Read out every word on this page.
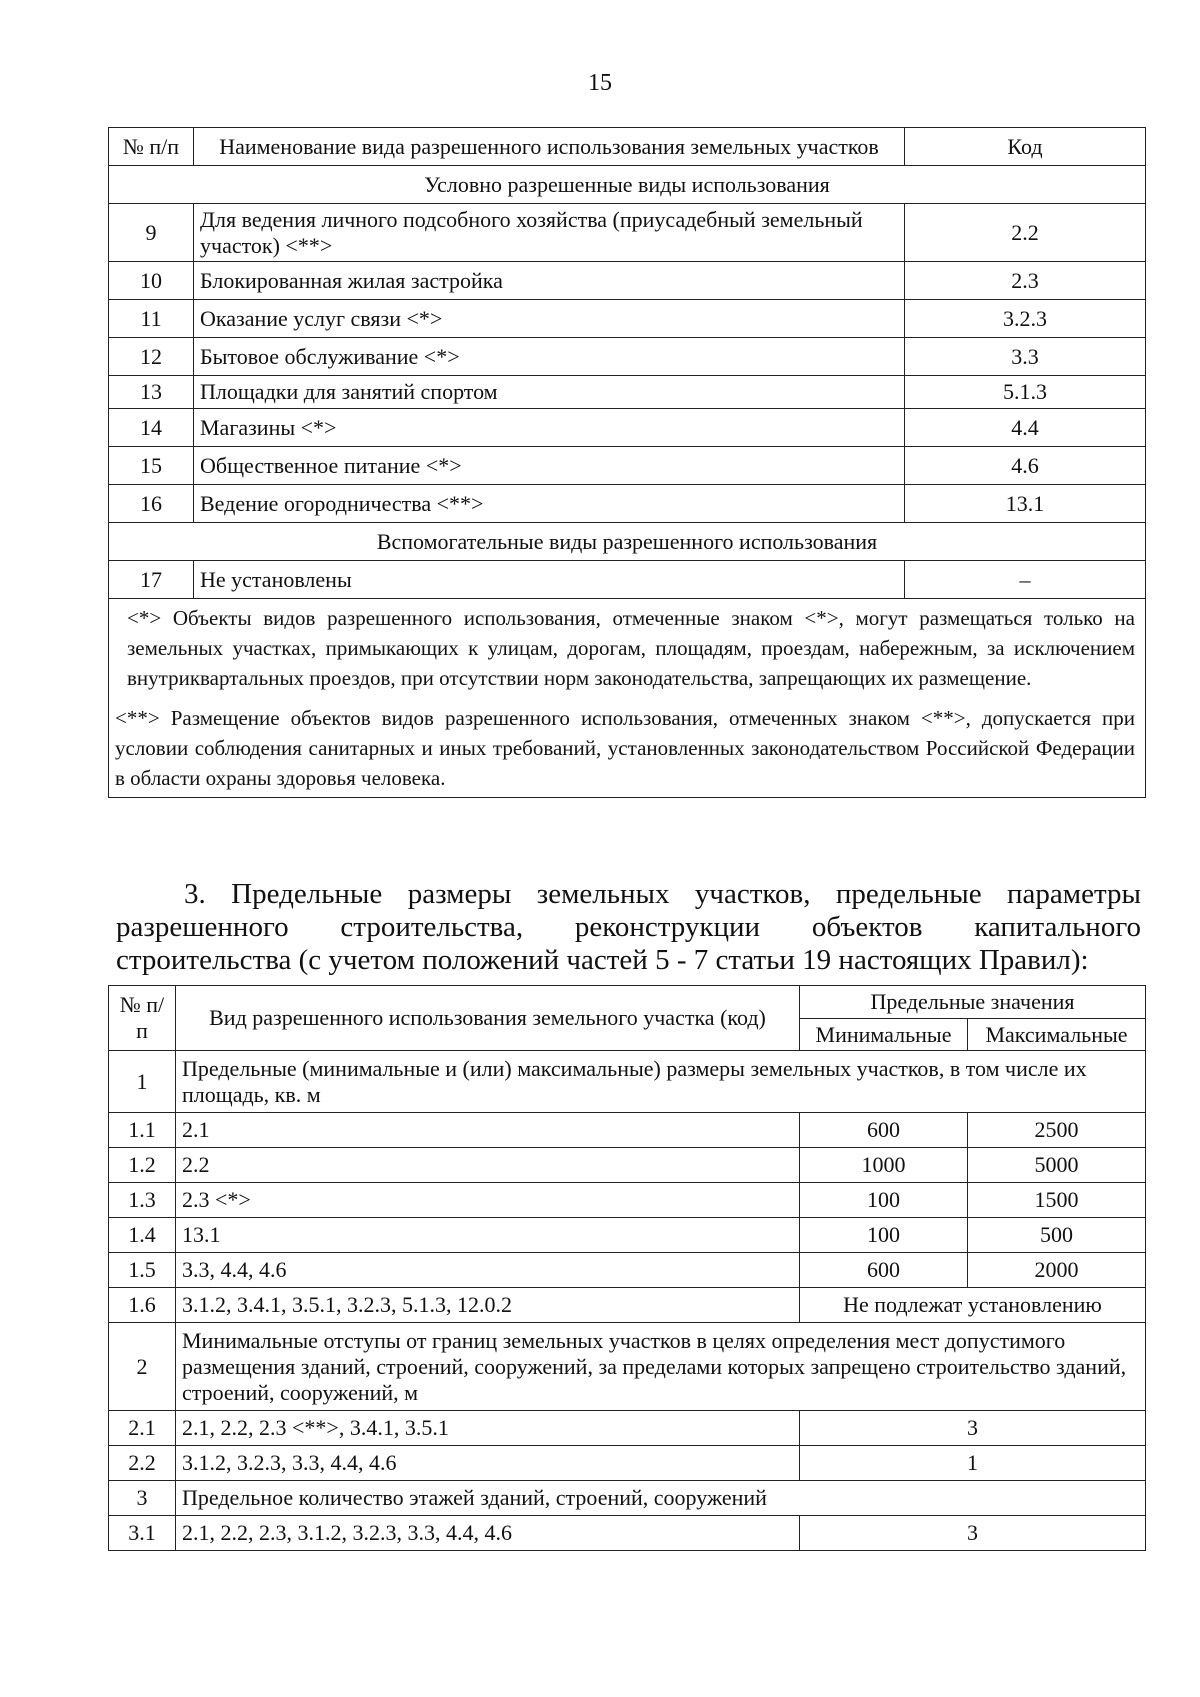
15
№ п/п	Наименование вида разрешенного использования земельных участков	Код
Условно разрешенные виды использования		
9	Для ведения личного подсобного хозяйства (приусадебный земельный участок) <**>	2.2
10	Блокированная жилая застройка	2.3
11	Оказание услуг связи <*>	3.2.3
12	Бытовое обслуживание <*>	3.3
13	Площадки для занятий спортом	5.1.3
14	Магазины <*>	4.4
15	Общественное питание <*>	4.6
16	Ведение огородничества <**>	13.1
Вспомогательные виды разрешенного использования		
17	Не установлены	–

<*> Объекты видов разрешенного использования, отмеченные знаком <*>, могут размещаться только на земельных участках, примыкающих к улицам, дорогам, площадям, проездам, набережным, за исключением внутриквартальных проездов, при отсутствии норм законодательства, запрещающих их размещение.

<**> Размещение объектов видов разрешенного использования, отмеченных знаком <**>, допускается при условии соблюдения санитарных и иных требований, установленных законодательством Российской Федерации в области охраны здоровья человека.		

3. Предельные размеры земельных участков, предельные параметры разрешенного строительства, реконструкции объектов капитального строительства (с учетом положений частей 5 - 7 статьи 19 настоящих Правил):
№ п/п	Вид разрешенного использования земельного участка (код)	Предельные значения	
		Минимальные	Максимальные
1	Предельные (минимальные и (или) максимальные) размеры земельных участков, в том числе их площадь, кв. м		
1.1	2.1	600	2500
1.2	2.2	1000	5000
1.3	2.3 <*>	100	1500
1.4	13.1	100	500
1.5	3.3, 4.4, 4.6	600	2000
1.6	3.1.2, 3.4.1, 3.5.1, 3.2.3, 5.1.3, 12.0.2	Не подлежат установлению	
2	Минимальные отступы от границ земельных участков в целях определения мест допустимого размещения зданий, строений, сооружений, за пределами которых запрещено строительство зданий, строений, сооружений, м		
2.1	2.1, 2.2, 2.3 <**>, 3.4.1, 3.5.1	3	
2.2	3.1.2, 3.2.3, 3.3, 4.4, 4.6	1	
3	Предельное количество этажей зданий, строений, сооружений		
3.1	2.1, 2.2, 2.3, 3.1.2, 3.2.3, 3.3, 4.4, 4.6	3	
